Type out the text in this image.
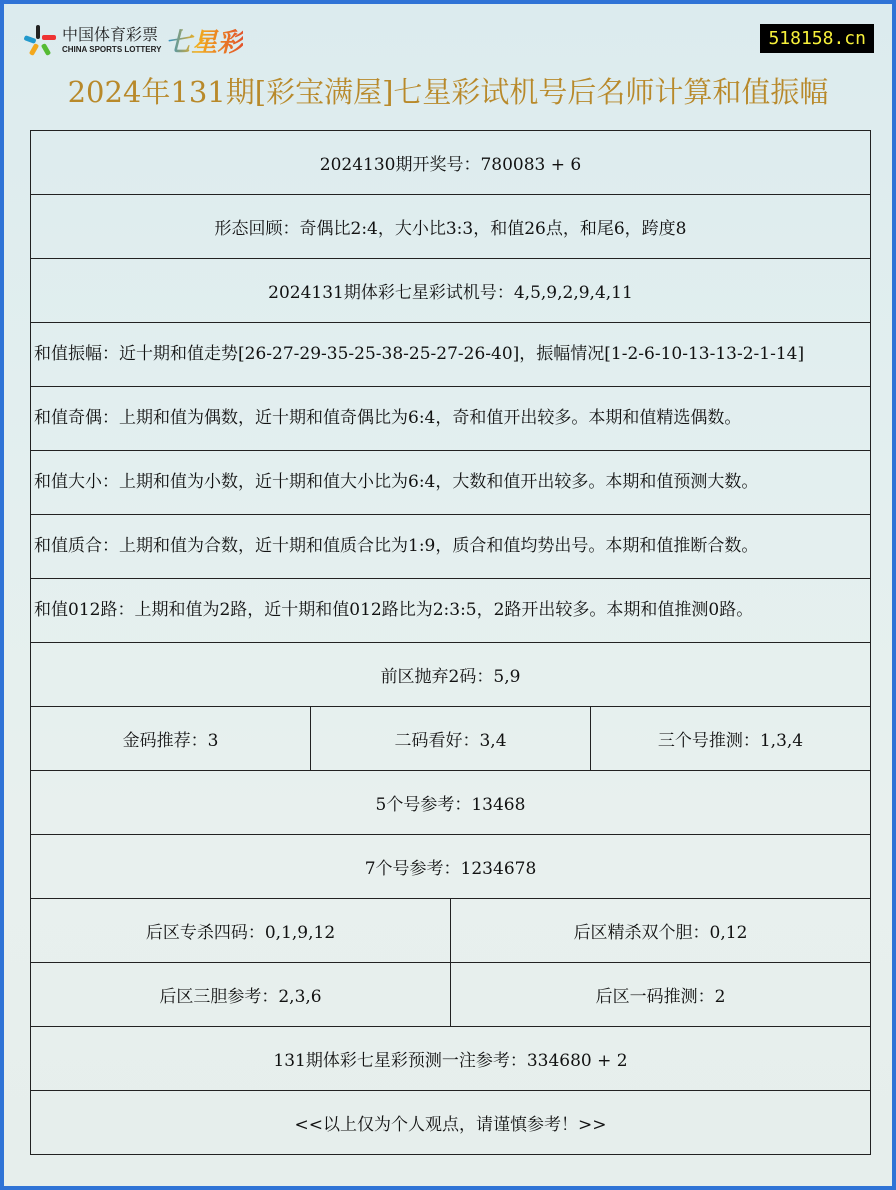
中国体育彩票
CHINA SPORTS LOTTERY 七星彩	518158.cn
2024年131期[彩宝满屋]七星彩试机号后名师计算和值振幅
2024130期开奖号：780083 + 6			
形态回顾：奇偶比2:4，大小比3:3，和值26点，和尾6，跨度8			
2024131期体彩七星彩试机号：4,5,9,2,9,4,11			
和值振幅：近十期和值走势[26-27-29-35-25-38-25-27-26-40]，振幅情况[1-2-6-10-13-13-2-1-14]			
和值奇偶：上期和值为偶数，近十期和值奇偶比为6:4，奇和值开出较多。本期和值精选偶数。			
和值大小：上期和值为小数，近十期和值大小比为6:4，大数和值开出较多。本期和值预测大数。			
和值质合：上期和值为合数，近十期和值质合比为1:9，质合和值均势出号。本期和值推断合数。			
和值012路：上期和值为2路，近十期和值012路比为2:3:5，2路开出较多。本期和值推测0路。			
前区抛弃2码：5,9			
金码推荐：3	二码看好：3,4		三个号推测：1,3,4
5个号参考：13468			
7个号参考：1234678			
后区专杀四码：0,1,9,12		后区精杀双个胆：0,12	
后区三胆参考：2,3,6		后区一码推测：2	
131期体彩七星彩预测一注参考：334680 + 2			
<<以上仅为个人观点，请谨慎参考！>>			
